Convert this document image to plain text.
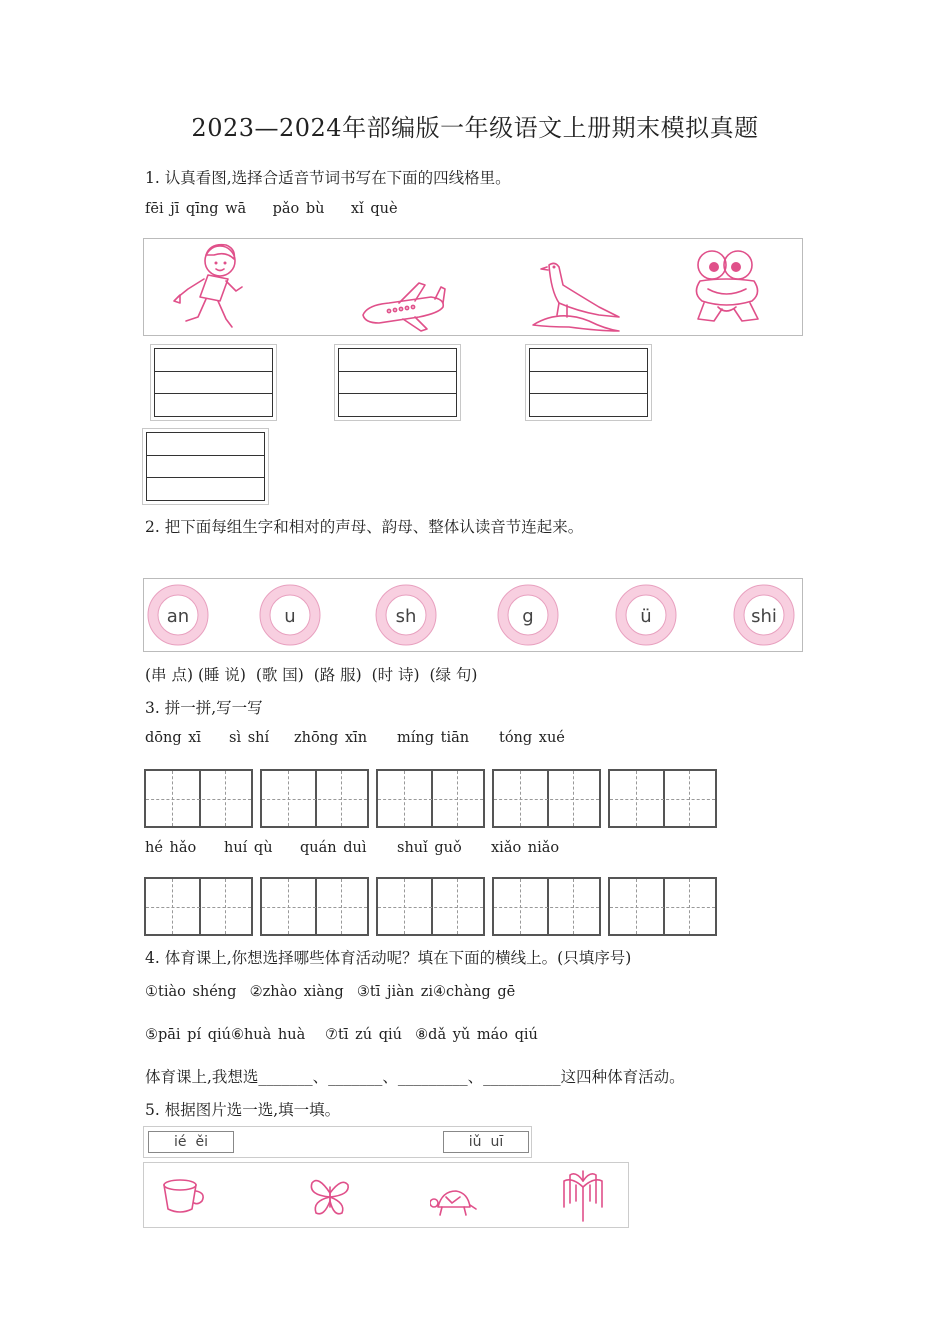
2023—2024年部编版一年级语文上册期末模拟真题
1. 认真看图,选择合适音节词书写在下面的四线格里。
fēi jī qīng wā    pǎo bù    xǐ què
2. 把下面每组生字和相对的声母、韵母、整体认读音节连起来。
an	u	sh	g	ü	shi
(串 点) (睡 说)  (歌 国)  (路 服)  (时 诗)  (绿 句)
3. 拼一拼,写一写
dōng xī sì shí zhōng xīn míng tiān tóng xué
hé hǎo huí qù quán duì shuǐ guǒ xiǎo niǎo
4. 体育课上,你想选择哪些体育活动呢？填在下面的横线上。(只填序号)
①tiào shéng  ②zhào xiàng  ③tī jiàn zi④chàng gē
⑤pāi pí qiú⑥huà huà   ⑦tī zú qiú  ⑧dǎ yǔ máo qiú
体育课上,我想选_______、_______、_________、__________这四种体育活动。
5. 根据图片选一选,填一填。
ié  ěi	iǔ  uī
